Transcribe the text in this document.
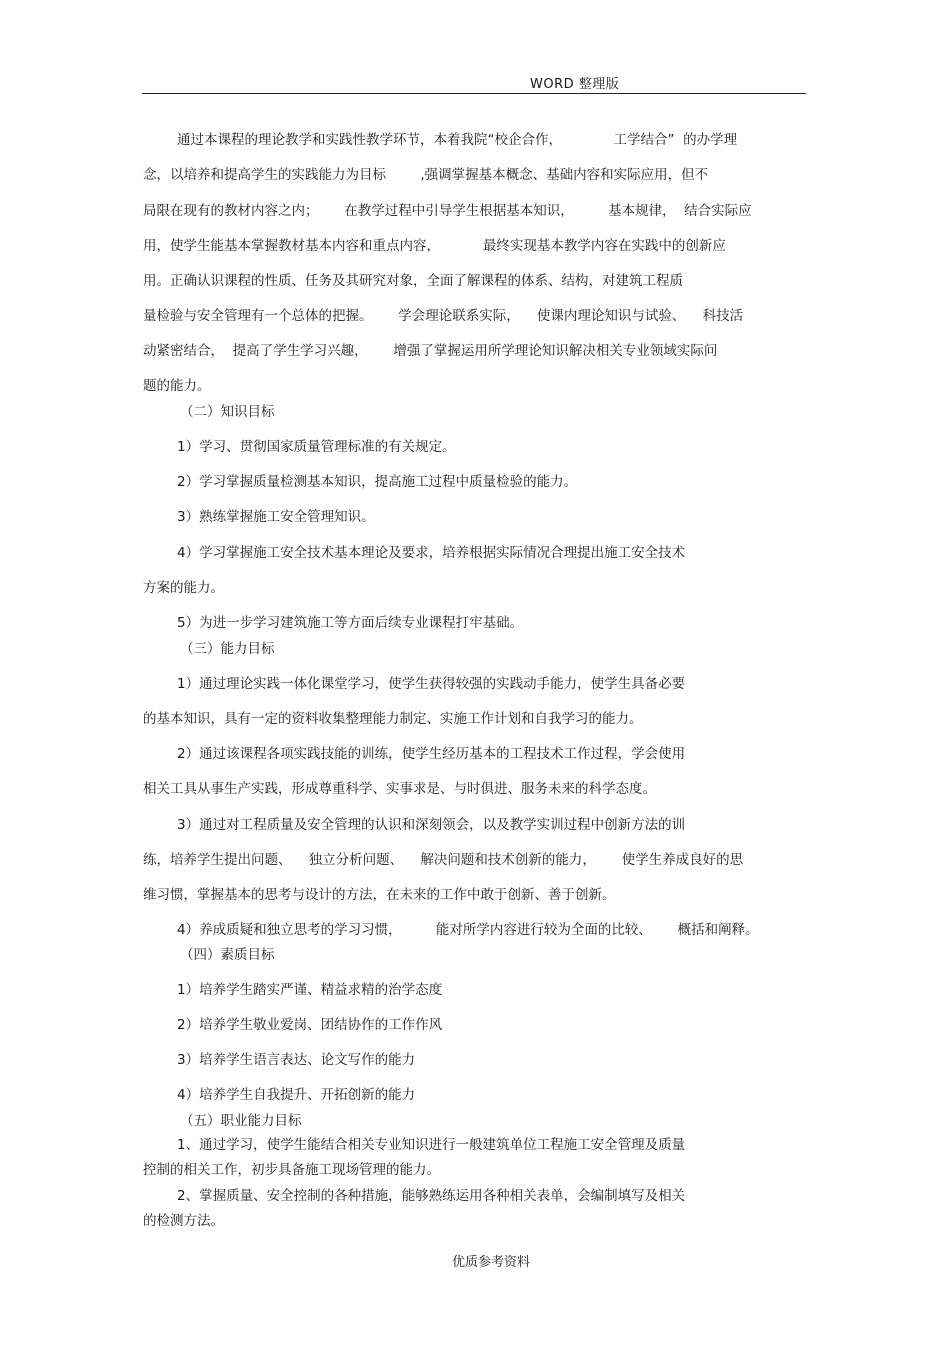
WORD 整理版
通过本课程的理论教学和实践性教学环节，本着我院“校企合作，            工学结合”  的办学理
念，以培养和提高学生的实践能力为目标        ,强调掌握基本概念、基础内容和实际应用，但不
局限在现有的教材内容之内；      在教学过程中引导学生根据基本知识，        基本规律，  结合实际应
用，使学生能基本掌握教材基本内容和重点内容，          最终实现基本教学内容在实践中的创新应
用。正确认识课程的性质、任务及其研究对象，全面了解课程的体系、结构，对建筑工程质
量检验与安全管理有一个总体的把握。      学会理论联系实际，    使课内理论知识与试验、    科技活
动紧密结合，  提高了学生学习兴趣，      增强了掌握运用所学理论知识解决相关专业领域实际问
题的能力。
（二）知识目标
1）学习、贯彻国家质量管理标准的有关规定。
2）学习掌握质量检测基本知识，提高施工过程中质量检验的能力。
3）熟练掌握施工安全管理知识。
4）学习掌握施工安全技术基本理论及要求，培养根据实际情况合理提出施工安全技术
方案的能力。
5）为进一步学习建筑施工等方面后续专业课程打牢基础。
（三）能力目标
1）通过理论实践一体化课堂学习，使学生获得较强的实践动手能力，使学生具备必要
的基本知识，具有一定的资料收集整理能力制定、实施工作计划和自我学习的能力。
2）通过该课程各项实践技能的训练，使学生经历基本的工程技术工作过程，学会使用
相关工具从事生产实践，形成尊重科学、实事求是、与时俱进、服务未来的科学态度。
3）通过对工程质量及安全管理的认识和深刻领会，以及教学实训过程中创新方法的训
练，培养学生提出问题、    独立分析问题、    解决问题和技术创新的能力，      使学生养成良好的思
维习惯，掌握基本的思考与设计的方法，在未来的工作中敢于创新、善于创新。
4）养成质疑和独立思考的学习习惯，        能对所学内容进行较为全面的比较、      概括和阐释。
（四）素质目标
1）培养学生踏实严谨、精益求精的治学态度
2）培养学生敬业爱岗、团结协作的工作作风
3）培养学生语言表达、论文写作的能力
4）培养学生自我提升、开拓创新的能力
（五）职业能力目标
1、通过学习，使学生能结合相关专业知识进行一般建筑单位工程施工安全管理及质量
控制的相关工作，初步具备施工现场管理的能力。
2、掌握质量、安全控制的各种措施，能够熟练运用各种相关表单，会编制填写及相关
的检测方法。
优质参考资料
